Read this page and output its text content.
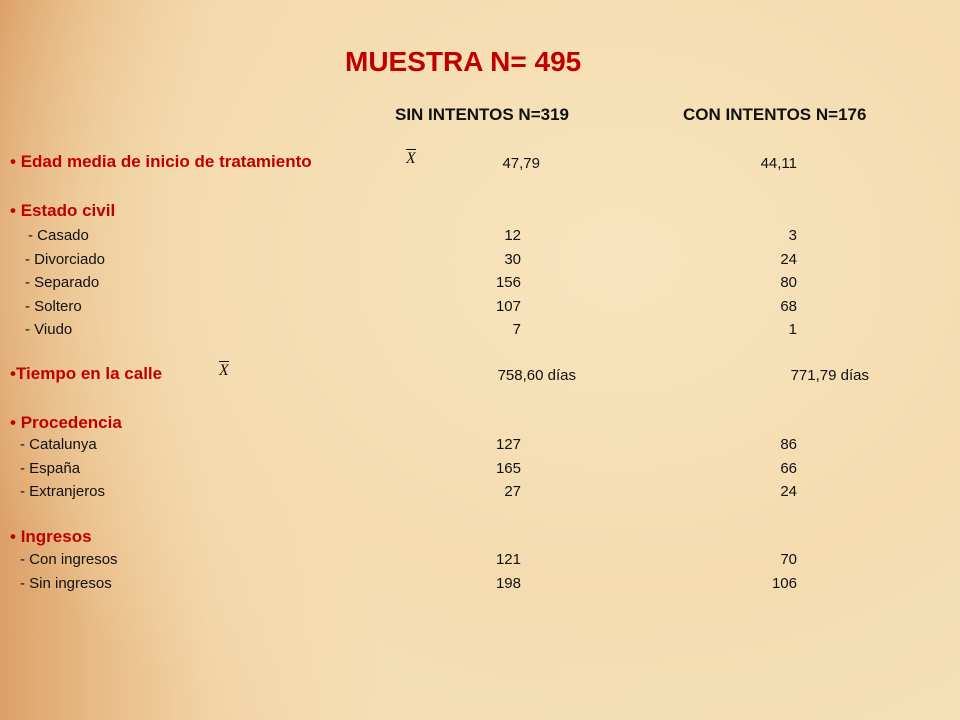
MUESTRA N= 495
SIN INTENTOS N=319	CON INTENTOS N=176
• Edad media de inicio de tratamiento	X	47,79	44,11
• Estado civil
- Casado	12	3
- Divorciado	30	24
- Separado	156	80
- Soltero	107	68
- Viudo	7	1
•Tiempo en la calle	X	758,60 días	771,79 días
• Procedencia
- Catalunya	127	86
- España	165	66
- Extranjeros	27	24
• Ingresos
- Con ingresos	121	70
- Sin ingresos	198	106
